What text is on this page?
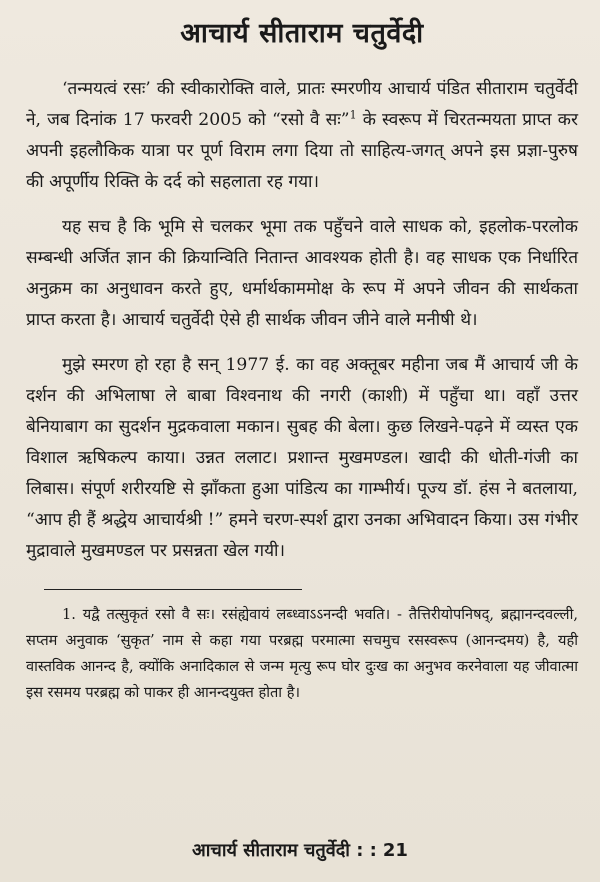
आचार्य सीताराम चतुर्वेदी

‘तन्मयत्वं रसः’ की स्वीकारोक्ति वाले, प्रातः स्मरणीय आचार्य पंडित सीताराम चतुर्वेदी ने, जब दिनांक 17 फरवरी 2005 को “रसो वै सः”$^1$ के स्वरूप में चिरतन्मयता प्राप्त कर अपनी इहलौकिक यात्रा पर पूर्ण विराम लगा दिया तो साहित्य-जगत् अपने इस प्रज्ञा-पुरुष की अपूर्णीय रिक्ति के दर्द को सहलाता रह गया।

यह सच है कि भूमि से चलकर भूमा तक पहुँचने वाले साधक को, इहलोक-परलोक सम्बन्धी अर्जित ज्ञान की क्रियान्विति नितान्त आवश्यक होती है। वह साधक एक निर्धारित अनुक्रम का अनुधावन करते हुए, धर्मार्थकाममोक्ष के रूप में अपने जीवन की सार्थकता प्राप्त करता है। आचार्य चतुर्वेदी ऐसे ही सार्थक जीवन जीने वाले मनीषी थे।

मुझे स्मरण हो रहा है सन् 1977 ई. का वह अक्तूबर महीना जब मैं आचार्य जी के दर्शन की अभिलाषा ले बाबा विश्वनाथ की नगरी (काशी) में पहुँचा था। वहाँ उत्तर बेनियाबाग का सुदर्शन मुद्रकवाला मकान। सुबह की बेला। कुछ लिखने-पढ़ने में व्यस्त एक विशाल ऋषिकल्प काया। उन्नत ललाट। प्रशान्त मुखमण्डल। खादी की धोती-गंजी का लिबास। संपूर्ण शरीरयष्टि से झाँकता हुआ पांडित्य का गाम्भीर्य। पूज्य डॉ. हंस ने बतलाया, “आप ही हैं श्रद्धेय आचार्यश्री !” हमने चरण-स्पर्श द्वारा उनका अभिवादन किया। उस गंभीर मुद्रावाले मुखमण्डल पर प्रसन्नता खेल गयी।

1. यद्वै तत्सुकृतं रसो वै सः। रसंह्येवायं लब्ध्वाऽऽनन्दी भवति। - तैत्तिरीयोपनिषद्, ब्रह्मानन्दवल्ली, सप्तम अनुवाक ‘सुकृत’ नाम से कहा गया परब्रह्म परमात्मा सचमुच रसस्वरूप (आनन्दमय) है, यही वास्तविक आनन्द है, क्योंकि अनादिकाल से जन्म मृत्यु रूप घोर दुःख का अनुभव करनेवाला यह जीवात्मा इस रसमय परब्रह्म को पाकर ही आनन्दयुक्त होता है।

आचार्य सीताराम चतुर्वेदी : : 21
